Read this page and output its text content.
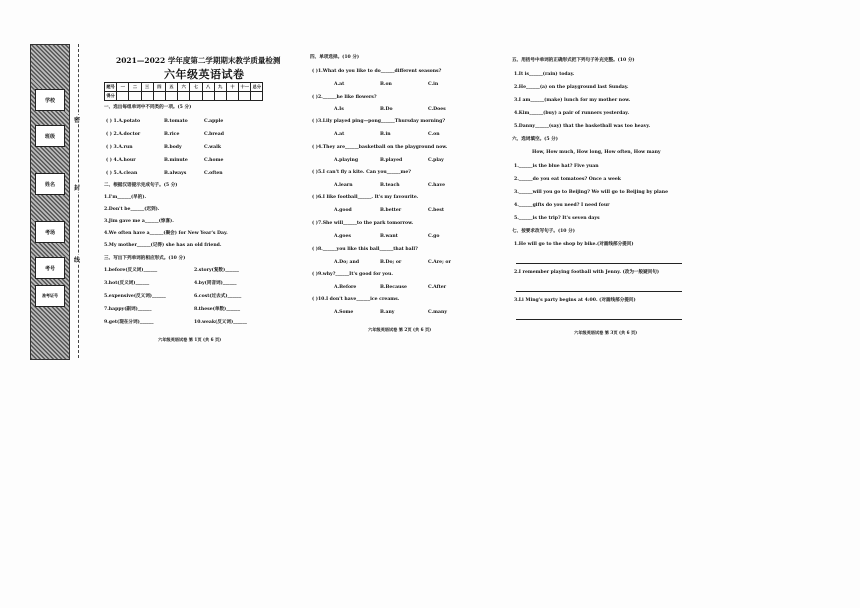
学校
班级
姓名
考场
考号
准考证号
密
封
线
2021—2022 学年度第二学期期末教学质量检测
六年级英语试卷
题号	一	二	三	四	五	六	七	八	九	十	十一	总分
得分												
一、选出每组单词中不同类的一项。(5 分)
( ) 1.A.potato	B.tomato	C.apple
( ) 2.A.doctor	B.rice	C.bread
( ) 3.A.run	B.body	C.walk
( ) 4.A.hour	B.minute	C.home
( ) 5.A.clean	B.always	C.often
二、根据汉语提示完成句子。(5 分)
1.I'm______(早的).
2.Don't be______(迟到).
3.Jim gave me a______(惊喜).
4.We often have a______(聚会) for New Year's Day.
5.My mother______(记得) she has an old friend.
三、写出下列单词的相应形式。(10 分)
1.before(反义词)______	2.story(复数)______
3.hot(反义词)______	4.by(同音词)______
5.expensive(反义词)______	6.cost(过去式)______
7.happy(副词)______	8.these(单数)______
9.get(现在分词)______	10.weak(反义词)______
六年级英语试卷 第 1页 (共 6 页)
四、单项选择。(10 分)
( )1.What do you like to do______different seasons?
A.at	B.on	C.in
( )2.______he like flowers?
A.Is	B.Do	C.Does
( )3.Lily played ping—pong______Thursday morning?
A.at	B.in	C.on
( )4.They are______basketball on the playground now.
A.playing	B.played	C.play
( )5.I can't fly a kite. Can you______me?
A.learn	B.teach	C.have
( )6.I like football______. It's my favourite.
A.good	B.better	C.best
( )7.She will______to the park tomorrow.
A.goes	B.want	C.go
( )8.______you like this ball______that ball?
A.Do; and	B.Do; or	C.Are; or
( )9.why?______It's good for you.
A.Before	B.Because	C.After
( )10.I don't have______ice creams.
A.Some	B.any	C.many
六年级英语试卷 第 2页 (共 6 页)
五、用括号中单词的正确形式把下列句子补充完整。(10 分)
1.It is______(rain) today.
2.He______(a) on the playground last Sunday.
3.I am______(make) lunch for my mother now.
4.Kim______(buy) a pair of runners yesterday.
5.Danny______(say) that the basketball was too heavy.
六、选词填空。(5 分)
How, How much, How long, How often, How many
1.______is the blue hat? Five yuan
2.______do you eat tomatoes? Once a week
3.______will you go to Beijing? We will go to Beijing by plane
4.______gifts do you need? I need four
5.______is the trip? It's seven days
七、按要求改写句子。(10 分)
1.He will go to the shop by bike.(对画线部分提问)
2.I remember playing football with Jenny. (改为一般疑问句)
3.Li Ming's party begins at 4:00. (对画线部分提问)
六年级英语试卷 第 3页 (共 6 页)
